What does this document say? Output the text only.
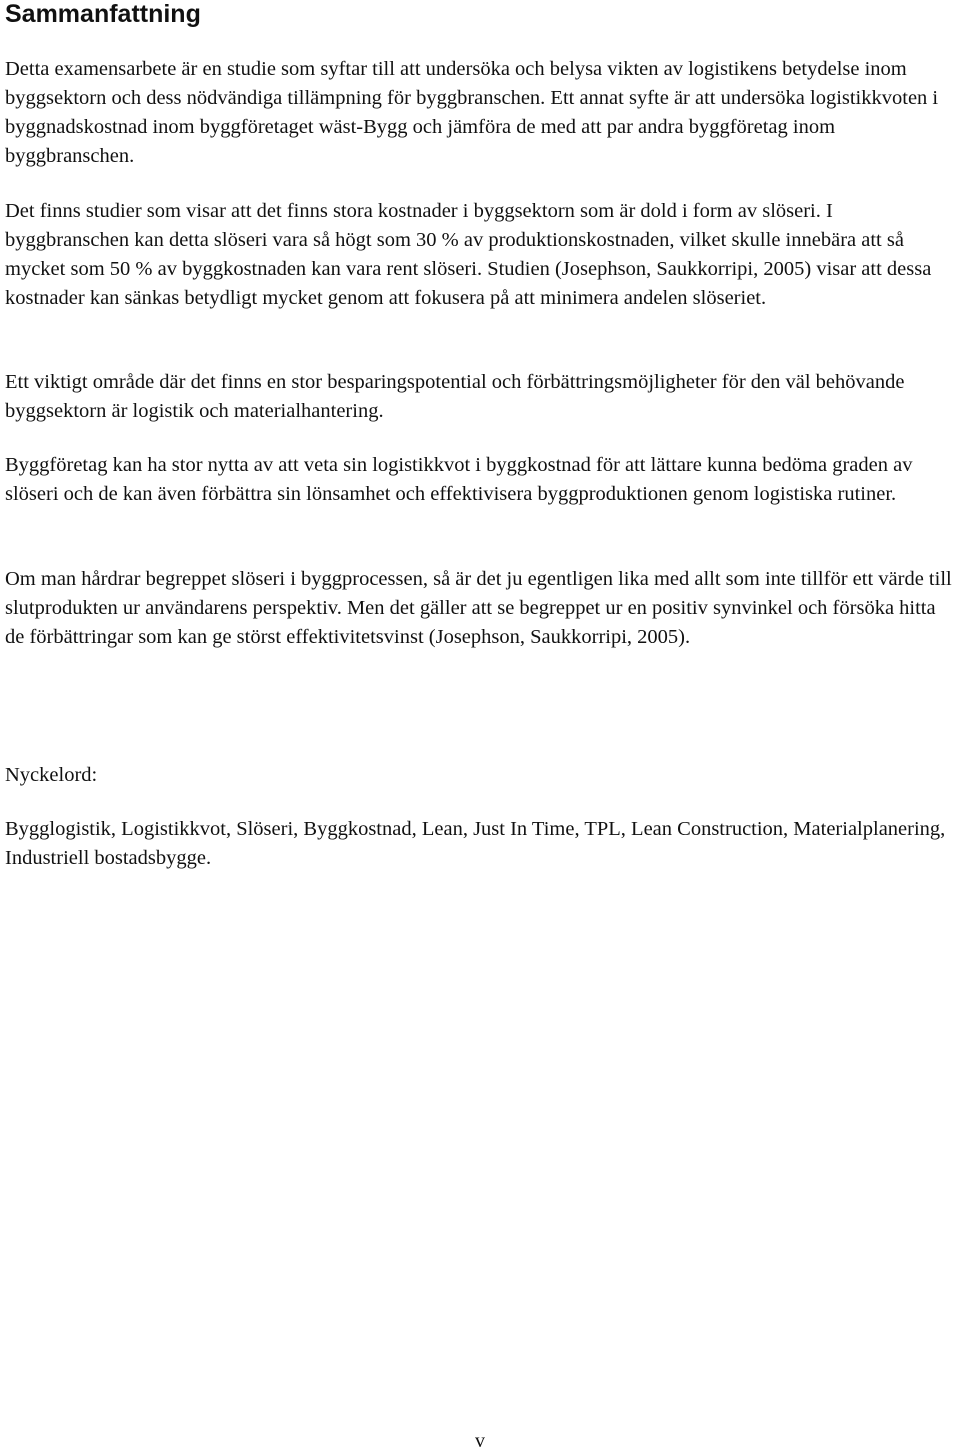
Sammanfattning

Detta examensarbete är en studie som syftar till att undersöka och belysa vikten av logistikens betydelse inom byggsektorn och dess nödvändiga tillämpning för byggbranschen. Ett annat syfte är att undersöka logistikkvoten i byggnadskostnad inom byggföretaget wäst-Bygg och jämföra de med att par andra byggföretag inom byggbranschen.

Det finns studier som visar att det finns stora kostnader i byggsektorn som är dold i form av slöseri. I byggbranschen kan detta slöseri vara så högt som 30 % av produktionskostnaden, vilket skulle innebära att så mycket som 50 % av byggkostnaden kan vara rent slöseri. Studien (Josephson, Saukkorripi, 2005) visar att dessa kostnader kan sänkas betydligt mycket genom att fokusera på att minimera andelen slöseriet.

Ett viktigt område där det finns en stor besparingspotential och förbättringsmöjligheter för den väl behövande byggsektorn är logistik och materialhantering.

Byggföretag kan ha stor nytta av att veta sin logistikkvot i byggkostnad för att lättare kunna bedöma graden av slöseri och de kan även förbättra sin lönsamhet och effektivisera byggproduktionen genom logistiska rutiner.

Om man hårdrar begreppet slöseri i byggprocessen, så är det ju egentligen lika med allt som inte tillför ett värde till slutprodukten ur användarens perspektiv. Men det gäller att se begreppet ur en positiv synvinkel och försöka hitta de förbättringar som kan ge störst effektivitetsvinst (Josephson, Saukkorripi, 2005).

Nyckelord:

Bygglogistik, Logistikkvot, Slöseri, Byggkostnad, Lean, Just In Time, TPL, Lean Construction, Materialplanering, Industriell bostadsbygge.

v
